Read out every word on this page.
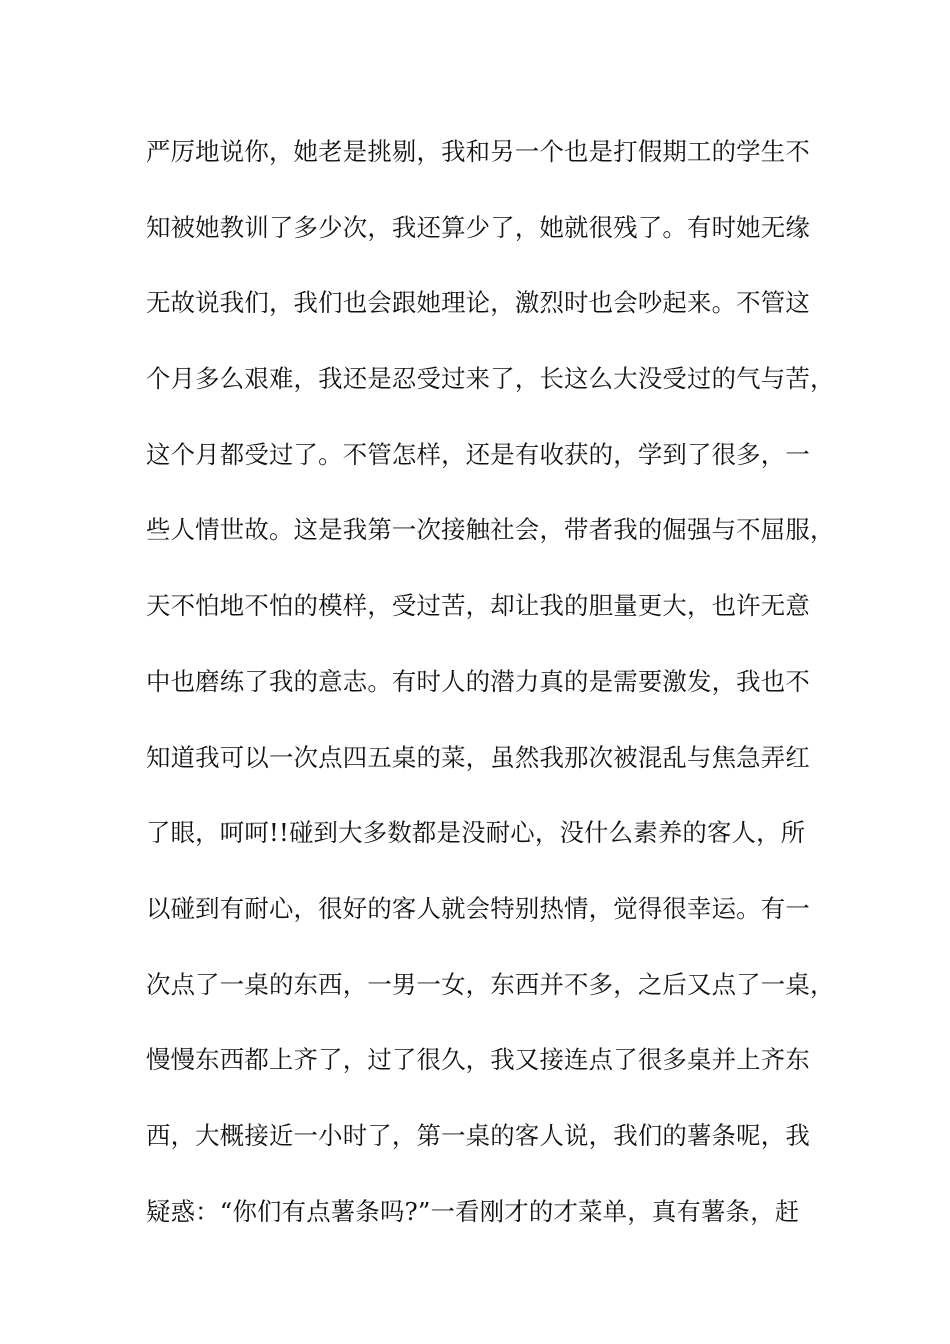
严厉地说你，她老是挑剔，我和另一个也是打假期工的学生不
知被她教训了多少次，我还算少了，她就很残了。有时她无缘
无故说我们，我们也会跟她理论，激烈时也会吵起来。不管这
个月多么艰难，我还是忍受过来了，长这么大没受过的气与苦，
这个月都受过了。不管怎样，还是有收获的，学到了很多，一
些人情世故。这是我第一次接触社会，带者我的倔强与不屈服，
天不怕地不怕的模样，受过苦，却让我的胆量更大，也许无意
中也磨练了我的意志。有时人的潜力真的是需要激发，我也不
知道我可以一次点四五桌的菜，虽然我那次被混乱与焦急弄红
了眼，呵呵!!碰到大多数都是没耐心，没什么素养的客人，所
以碰到有耐心，很好的客人就会特别热情，觉得很幸运。有一
次点了一桌的东西，一男一女，东西并不多，之后又点了一桌，
慢慢东西都上齐了，过了很久，我又接连点了很多桌并上齐东
西，大概接近一小时了，第一桌的客人说，我们的薯条呢，我
疑惑：“你们有点薯条吗?”一看刚才的才菜单，真有薯条，赶
